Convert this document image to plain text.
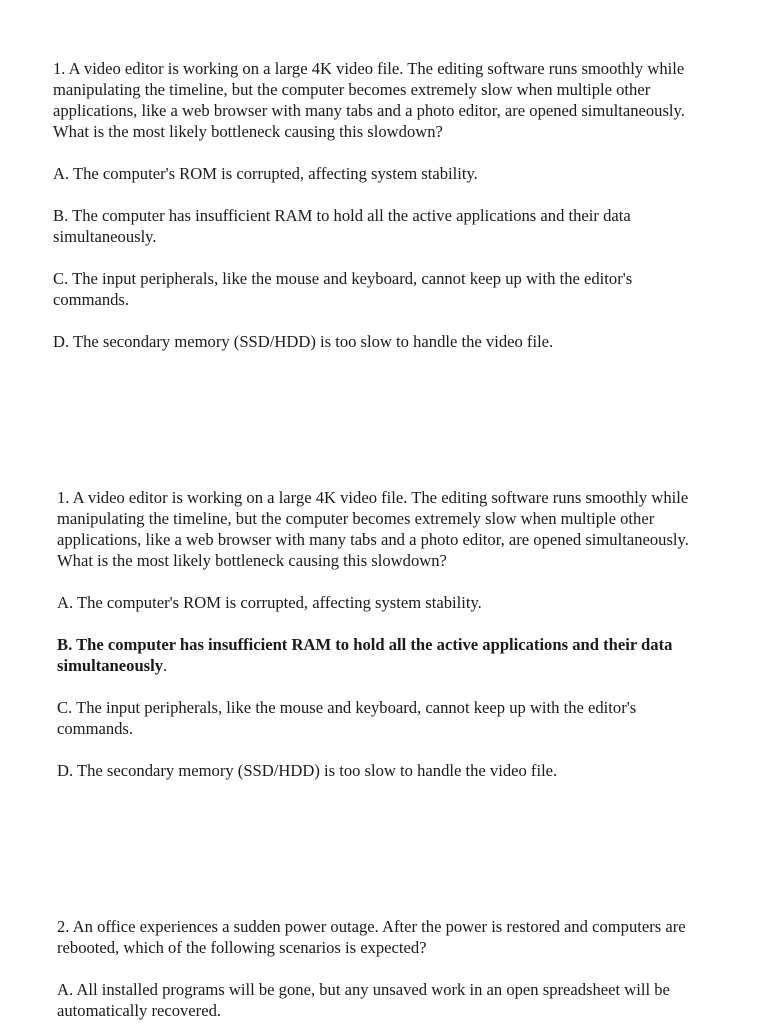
1. A video editor is working on a large 4K video file. The editing software runs smoothly while manipulating the timeline, but the computer becomes extremely slow when multiple other applications, like a web browser with many tabs and a photo editor, are opened simultaneously. What is the most likely bottleneck causing this slowdown?

A. The computer's ROM is corrupted, affecting system stability.

B. The computer has insufficient RAM to hold all the active applications and their data simultaneously.

C. The input peripherals, like the mouse and keyboard, cannot keep up with the editor's commands.

D. The secondary memory (SSD/HDD) is too slow to handle the video file.

1. A video editor is working on a large 4K video file. The editing software runs smoothly while manipulating the timeline, but the computer becomes extremely slow when multiple other applications, like a web browser with many tabs and a photo editor, are opened simultaneously. What is the most likely bottleneck causing this slowdown?

A. The computer's ROM is corrupted, affecting system stability.

B. The computer has insufficient RAM to hold all the active applications and their data simultaneously.

C. The input peripherals, like the mouse and keyboard, cannot keep up with the editor's commands.

D. The secondary memory (SSD/HDD) is too slow to handle the video file.

2. An office experiences a sudden power outage. After the power is restored and computers are rebooted, which of the following scenarios is expected?

A. All installed programs will be gone, but any unsaved work in an open spreadsheet will be automatically recovered.
